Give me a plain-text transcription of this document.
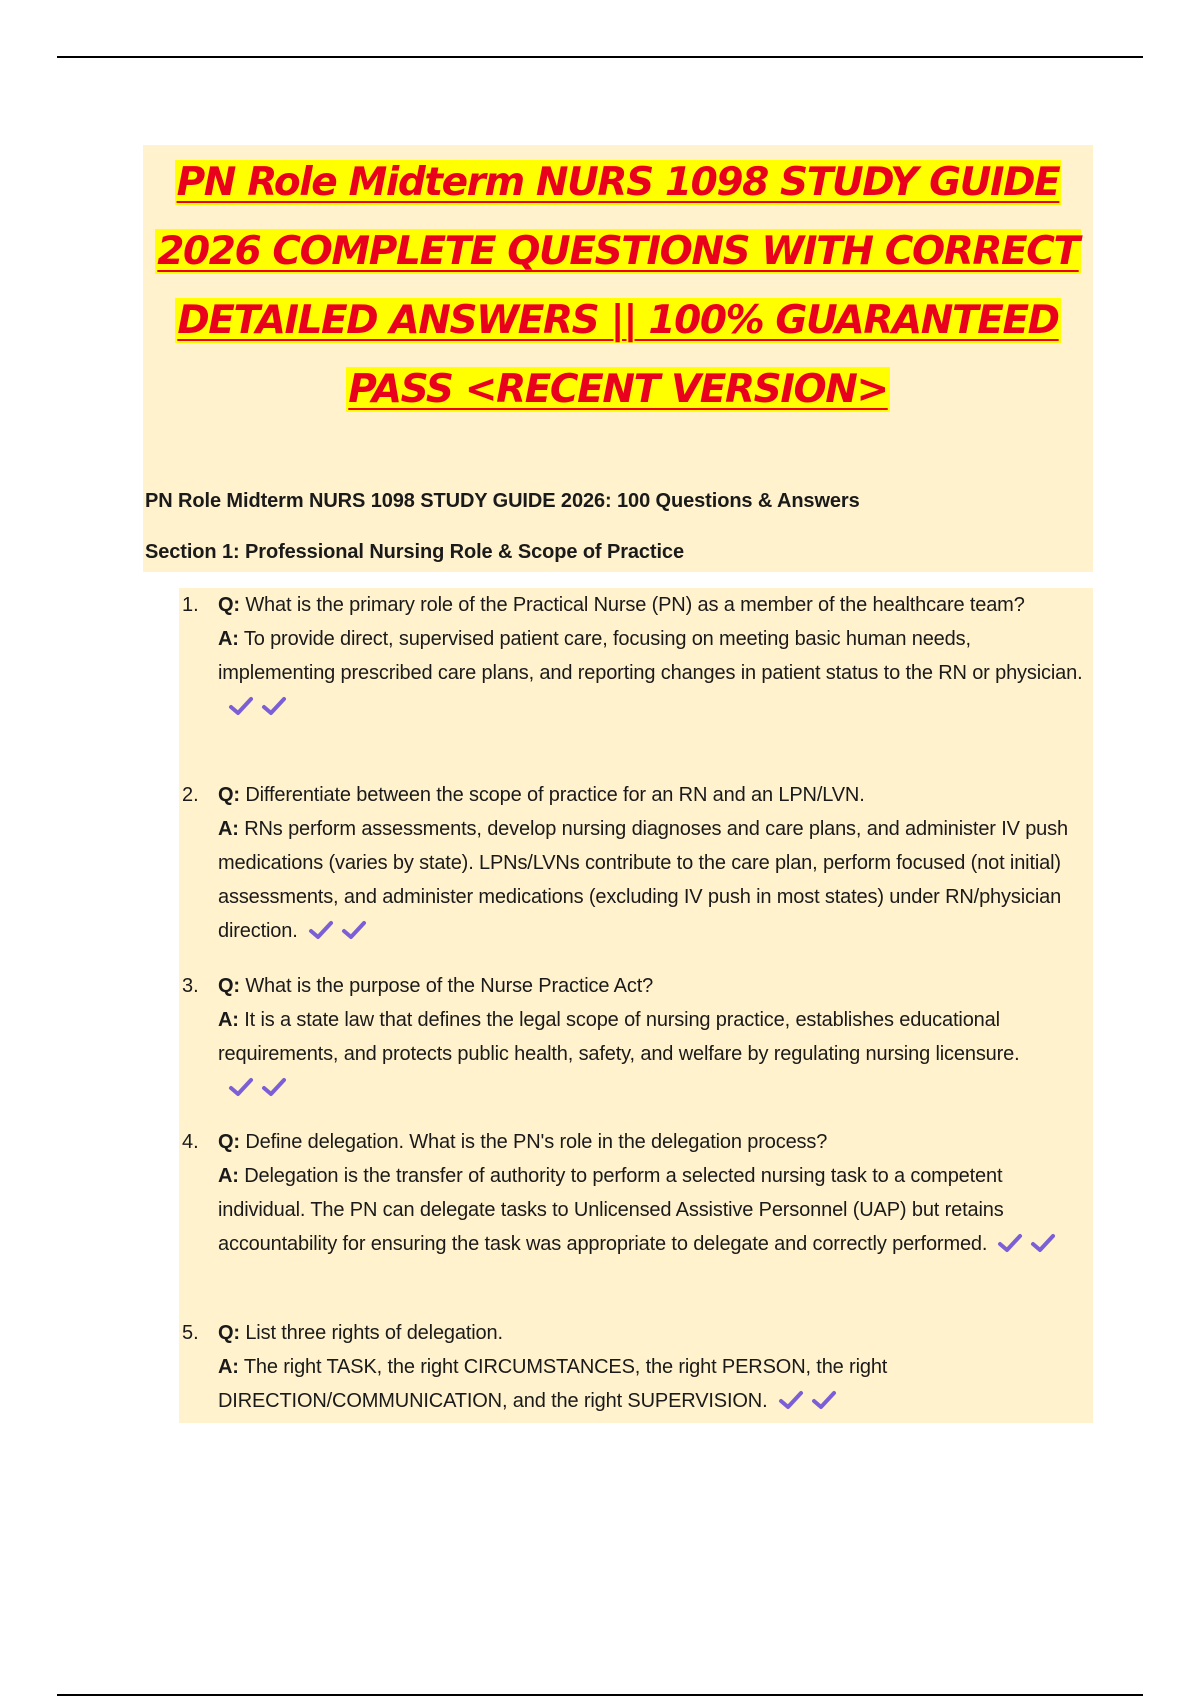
PN Role Midterm NURS 1098 STUDY GUIDE
2026 COMPLETE QUESTIONS WITH CORRECT
DETAILED ANSWERS || 100% GUARANTEED
PASS <RECENT VERSION>

PN Role Midterm NURS 1098 STUDY GUIDE 2026: 100 Questions & Answers

Section 1: Professional Nursing Role & Scope of Practice

1. Q: What is the primary role of the Practical Nurse (PN) as a member of the healthcare team?
A: To provide direct, supervised patient care, focusing on meeting basic human needs, implementing prescribed care plans, and reporting changes in patient status to the RN or physician.
2. Q: Differentiate between the scope of practice for an RN and an LPN/LVN.
A: RNs perform assessments, develop nursing diagnoses and care plans, and administer IV push medications (varies by state). LPNs/LVNs contribute to the care plan, perform focused (not initial) assessments, and administer medications (excluding IV push in most states) under RN/physician direction.
3. Q: What is the purpose of the Nurse Practice Act?
A: It is a state law that defines the legal scope of nursing practice, establishes educational requirements, and protects public health, safety, and welfare by regulating nursing licensure.
4. Q: Define delegation. What is the PN's role in the delegation process?
A: Delegation is the transfer of authority to perform a selected nursing task to a competent individual. The PN can delegate tasks to Unlicensed Assistive Personnel (UAP) but retains accountability for ensuring the task was appropriate to delegate and correctly performed.
5. Q: List three rights of delegation.
A: The right TASK, the right CIRCUMSTANCES, the right PERSON, the right DIRECTION/COMMUNICATION, and the right SUPERVISION.
